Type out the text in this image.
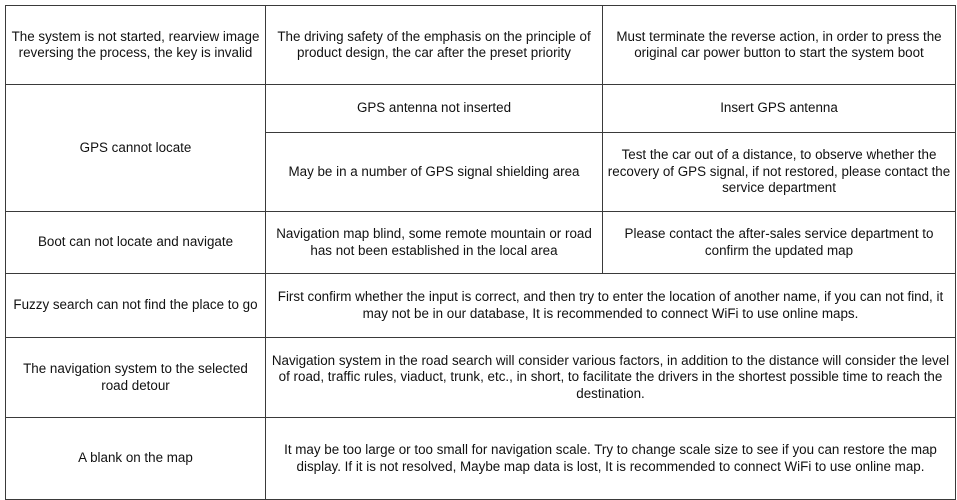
The system is not started, rearview image reversing the process, the key is invalid	The driving safety of the emphasis on the principle of product design, the car after the preset priority	Must terminate the reverse action, in order to press the original car power button to start the system boot
GPS cannot locate	GPS antenna not inserted	Insert GPS antenna
	May be in a number of GPS signal shielding area	Test the car out of a distance, to observe whether the recovery of GPS signal, if not restored, please contact the service department
Boot can not locate and navigate	Navigation map blind, some remote mountain or road has not been established in the local area	Please contact the after-sales service department to confirm the updated map
Fuzzy search can not find the place to go	First confirm whether the input is correct, and then try to enter the location of another name, if you can not find, it may not be in our database, It is recommended to connect WiFi to use online maps.	
The navigation system to the selected road detour	Navigation system in the road search will consider various factors, in addition to the distance will consider the level of road, traffic rules, viaduct, trunk, etc., in short, to facilitate the drivers in the shortest possible time to reach the destination.	
A blank on the map	It may be too large or too small for navigation scale. Try to change scale size to see if you can restore the map display. If it is not resolved, Maybe map data is lost, It is recommended to connect WiFi to use online map.	
